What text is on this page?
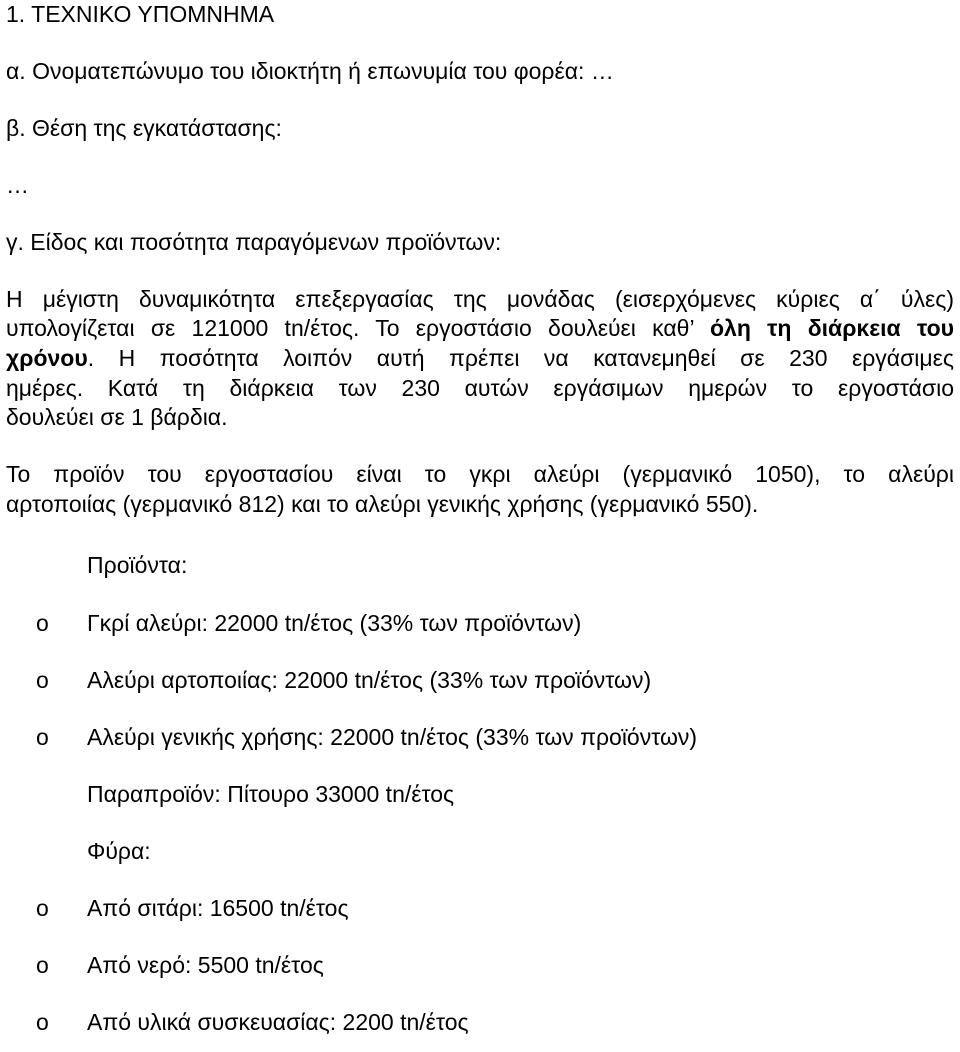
1. ΤΕΧΝΙΚΟ ΥΠΟΜΝΗΜΑ
α. Ονοματεπώνυμο του ιδιοκτήτη ή επωνυμία του φορέα: …
β. Θέση της εγκατάστασης:
…
γ. Είδος και ποσότητα παραγόμενων προϊόντων:
Η μέγιστη δυναμικότητα επεξεργασίας της μονάδας (εισερχόμενες κύριες α΄ ύλες)
υπολογίζεται σε 121000 tn/έτος. Το εργοστάσιο δουλεύει καθ’ όλη τη διάρκεια του
χρόνου. Η ποσότητα λοιπόν αυτή πρέπει να κατανεμηθεί σε 230 εργάσιμες
ημέρες. Κατά τη διάρκεια των 230 αυτών εργάσιμων ημερών το εργοστάσιο
δουλεύει σε 1 βάρδια.
Το προϊόν του εργοστασίου είναι το γκρι αλεύρι (γερμανικό 1050), το αλεύρι
αρτοποιίας (γερμανικό 812) και το αλεύρι γενικής χρήσης (γερμανικό 550).
Προϊόντα:
o Γκρί αλεύρι: 22000 tn/έτος (33% των προϊόντων)
o Αλεύρι αρτοποιίας: 22000 tn/έτος (33% των προϊόντων)
o Αλεύρι γενικής χρήσης: 22000 tn/έτος (33% των προϊόντων)
Παραπροϊόν: Πίτουρο 33000 tn/έτος
Φύρα:
o Από σιτάρι: 16500 tn/έτος
o Από νερό: 5500 tn/έτος
o Από υλικά συσκευασίας: 2200 tn/έτος
